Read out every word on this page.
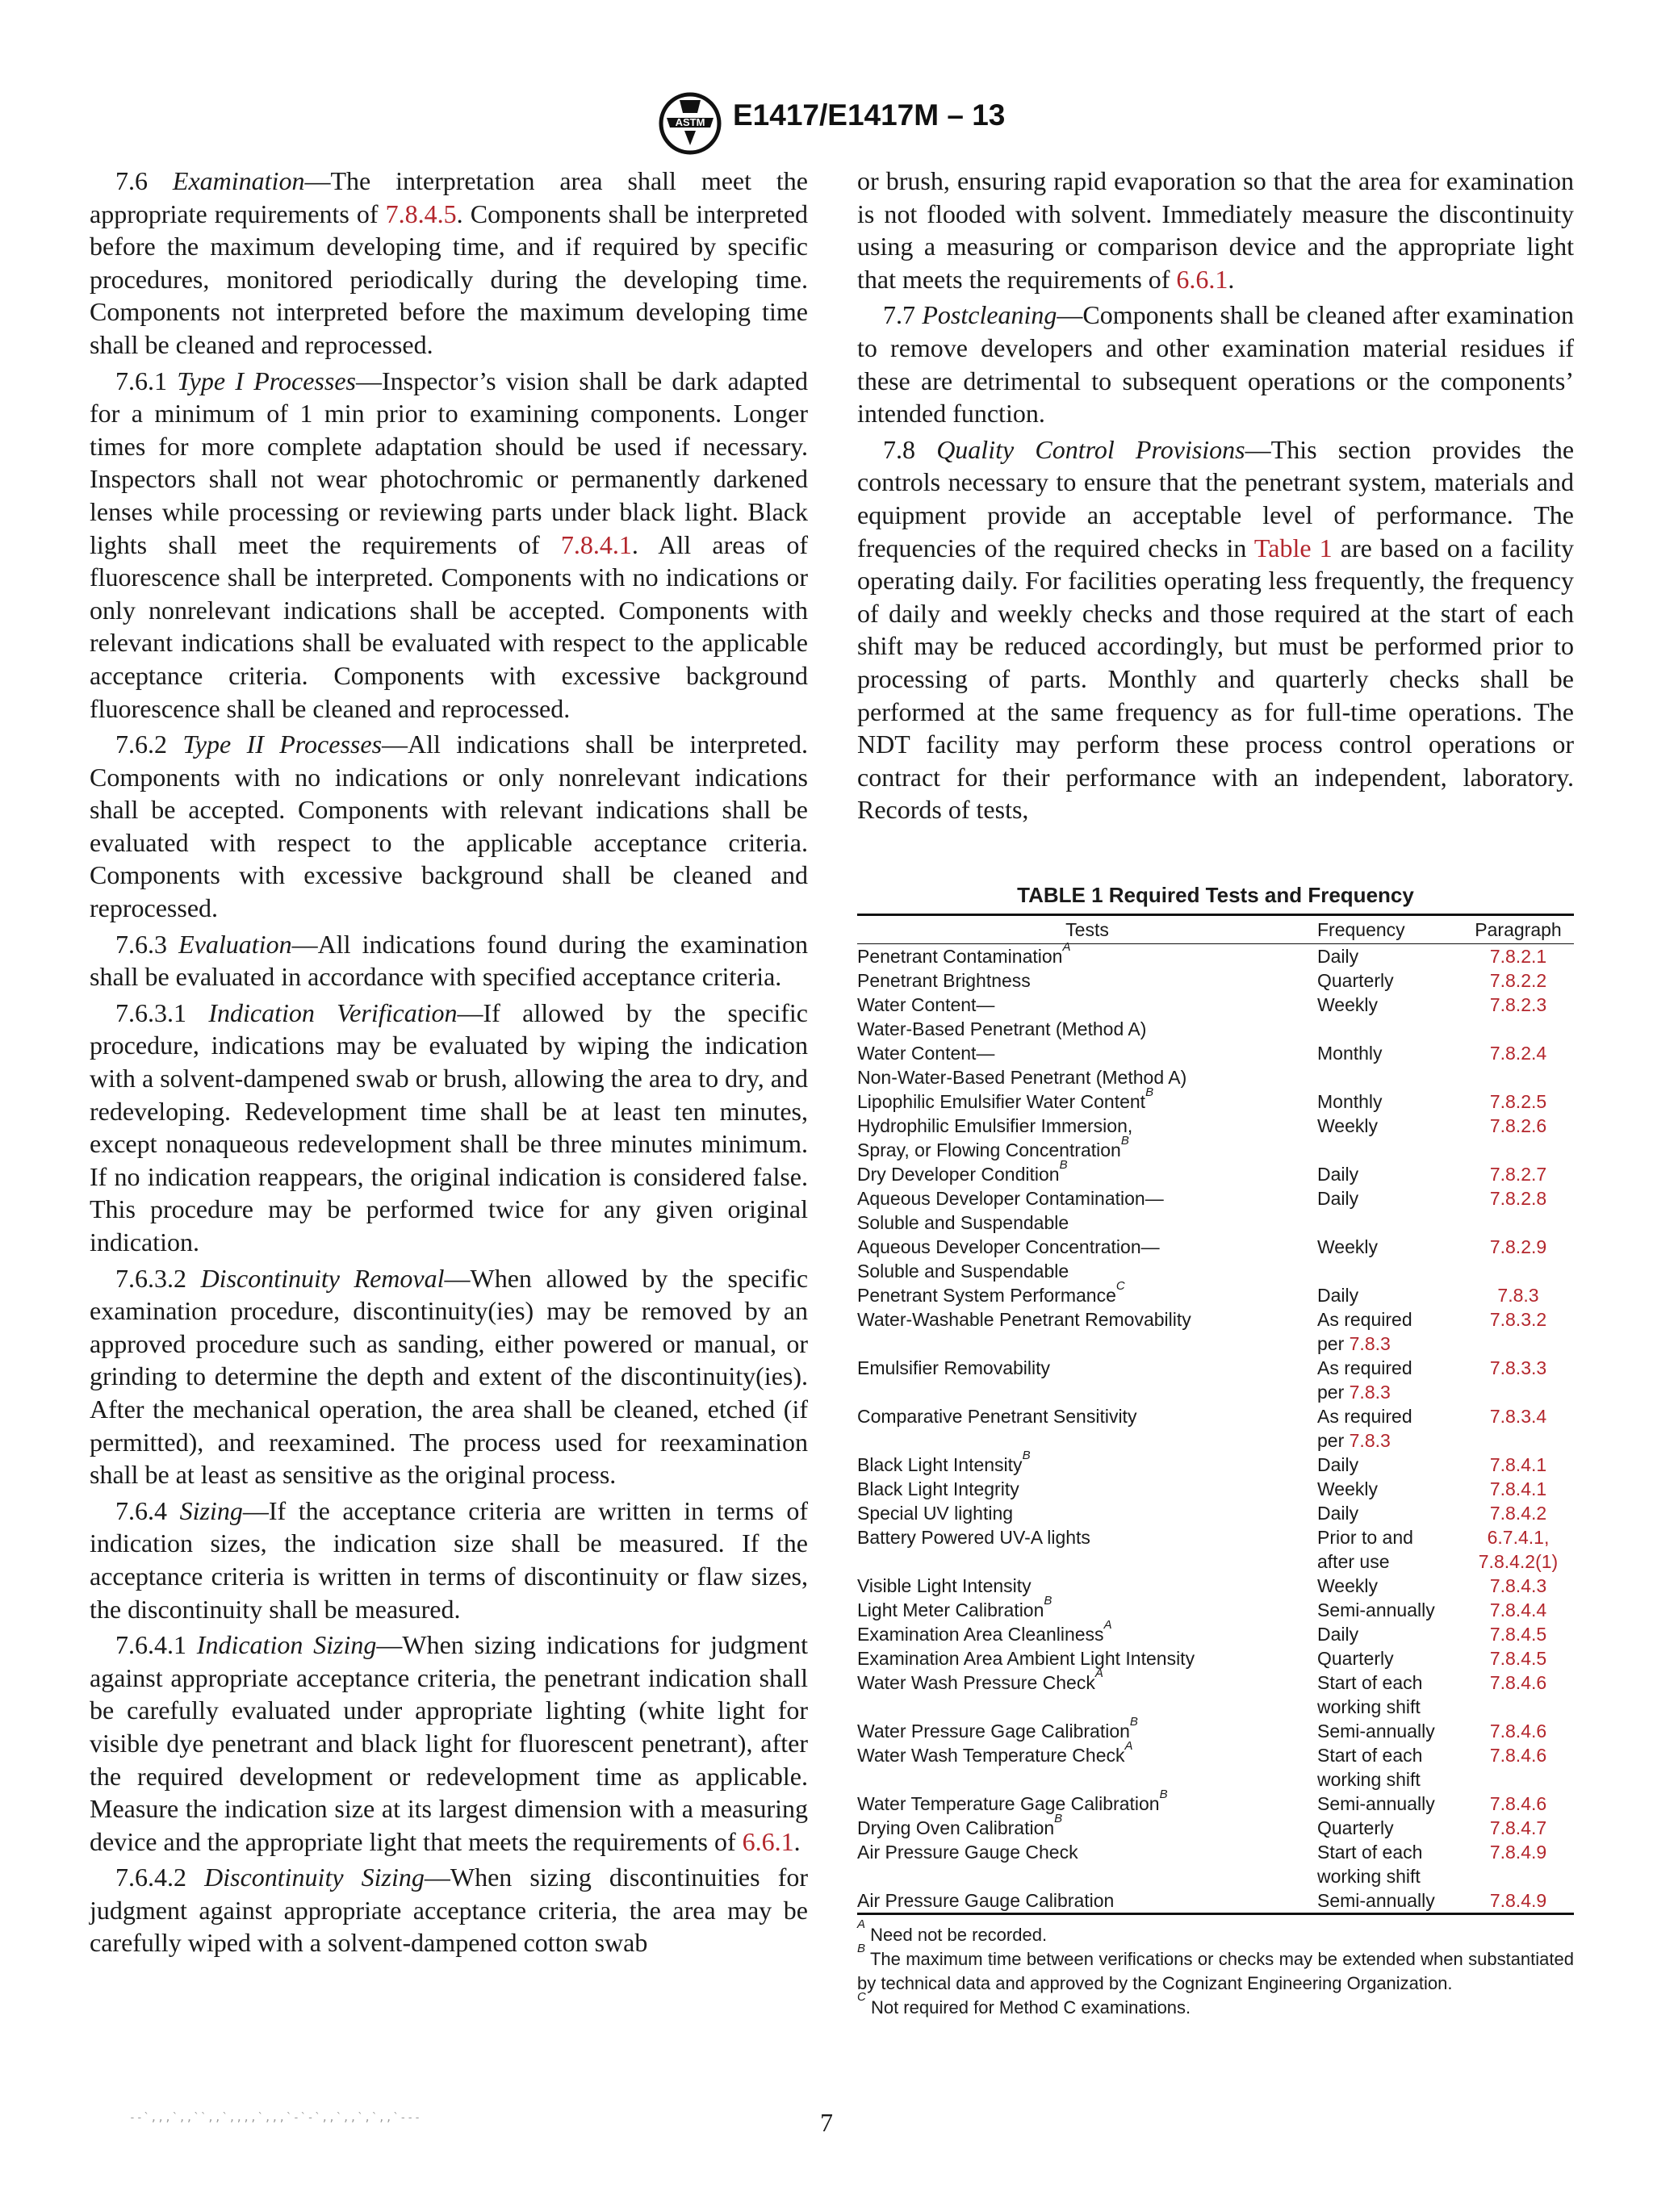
ASTM E1417/E1417M – 13

7.6 Examination—The interpretation area shall meet the appropriate requirements of 7.8.4.5. Components shall be interpreted before the maximum developing time, and if required by specific procedures, monitored periodically during the developing time. Components not interpreted before the maximum developing time shall be cleaned and reprocessed.

7.6.1 Type I Processes—Inspector’s vision shall be dark adapted for a minimum of 1 min prior to examining components. Longer times for more complete adaptation should be used if necessary. Inspectors shall not wear photochromic or permanently darkened lenses while processing or reviewing parts under black light. Black lights shall meet the requirements of 7.8.4.1. All areas of fluorescence shall be interpreted. Components with no indications or only nonrelevant indications shall be accepted. Components with relevant indications shall be evaluated with respect to the applicable acceptance criteria. Components with excessive background fluorescence shall be cleaned and reprocessed.

7.6.2 Type II Processes—All indications shall be interpreted. Components with no indications or only nonrelevant indications shall be accepted. Components with relevant indications shall be evaluated with respect to the applicable acceptance criteria. Components with excessive background shall be cleaned and reprocessed.

7.6.3 Evaluation—All indications found during the examination shall be evaluated in accordance with specified acceptance criteria.

7.6.3.1 Indication Verification—If allowed by the specific procedure, indications may be evaluated by wiping the indication with a solvent-dampened swab or brush, allowing the area to dry, and redeveloping. Redevelopment time shall be at least ten minutes, except nonaqueous redevelopment shall be three minutes minimum. If no indication reappears, the original indication is considered false. This procedure may be performed twice for any given original indication.

7.6.3.2 Discontinuity Removal—When allowed by the specific examination procedure, discontinuity(ies) may be removed by an approved procedure such as sanding, either powered or manual, or grinding to determine the depth and extent of the discontinuity(ies). After the mechanical operation, the area shall be cleaned, etched (if permitted), and reexamined. The process used for reexamination shall be at least as sensitive as the original process.

7.6.4 Sizing—If the acceptance criteria are written in terms of indication sizes, the indication size shall be measured. If the acceptance criteria is written in terms of discontinuity or flaw sizes, the discontinuity shall be measured.

7.6.4.1 Indication Sizing—When sizing indications for judgment against appropriate acceptance criteria, the penetrant indication shall be carefully evaluated under appropriate lighting (white light for visible dye penetrant and black light for fluorescent penetrant), after the required development or redevelopment time as applicable. Measure the indication size at its largest dimension with a measuring device and the appropriate light that meets the requirements of 6.6.1.

7.6.4.2 Discontinuity Sizing—When sizing discontinuities for judgment against appropriate acceptance criteria, the area may be carefully wiped with a solvent-dampened cotton swab

or brush, ensuring rapid evaporation so that the area for examination is not flooded with solvent. Immediately measure the discontinuity using a measuring or comparison device and the appropriate light that meets the requirements of 6.6.1.

7.7 Postcleaning—Components shall be cleaned after examination to remove developers and other examination material residues if these are detrimental to subsequent operations or the components’ intended function.

7.8 Quality Control Provisions—This section provides the controls necessary to ensure that the penetrant system, materials and equipment provide an acceptable level of performance. The frequencies of the required checks in Table 1 are based on a facility operating daily. For facilities operating less frequently, the frequency of daily and weekly checks and those required at the start of each shift may be reduced accordingly, but must be performed prior to processing of parts. Monthly and quarterly checks shall be performed at the same frequency as for full-time operations. The NDT facility may perform these process control operations or contract for their performance with an independent, laboratory. Records of tests,

TABLE 1 Required Tests and Frequency
Tests	Frequency	Paragraph
Penetrant Contamination$^A$	Daily	7.8.2.1
Penetrant Brightness	Quarterly	7.8.2.2
Water Content—
Water-Based Penetrant (Method A)	Weekly	7.8.2.3
Water Content—
Non-Water-Based Penetrant (Method A)	Monthly	7.8.2.4
Lipophilic Emulsifier Water Content$^B$	Monthly	7.8.2.5
Hydrophilic Emulsifier Immersion,
Spray, or Flowing Concentration$^B$	Weekly	7.8.2.6
Dry Developer Condition$^B$	Daily	7.8.2.7
Aqueous Developer Contamination—
Soluble and Suspendable	Daily	7.8.2.8
Aqueous Developer Concentration—
Soluble and Suspendable	Weekly	7.8.2.9
Penetrant System Performance$^C$	Daily	7.8.3
Water-Washable Penetrant Removability	As required
per 7.8.3	7.8.3.2
Emulsifier Removability	As required
per 7.8.3	7.8.3.3
Comparative Penetrant Sensitivity	As required
per 7.8.3	7.8.3.4
Black Light Intensity$^B$	Daily	7.8.4.1
Black Light Integrity	Weekly	7.8.4.1
Special UV lighting	Daily	7.8.4.2
Battery Powered UV-A lights	Prior to and
after use	6.7.4.1,
7.8.4.2(1)
Visible Light Intensity	Weekly	7.8.4.3
Light Meter Calibration$^B$	Semi-annually	7.8.4.4
Examination Area Cleanliness$^A$	Daily	7.8.4.5
Examination Area Ambient Light Intensity	Quarterly	7.8.4.5
Water Wash Pressure Check$^A$	Start of each
working shift	7.8.4.6
Water Pressure Gage Calibration$^B$	Semi-annually	7.8.4.6
Water Wash Temperature Check$^A$	Start of each
working shift	7.8.4.6
Water Temperature Gage Calibration$^B$	Semi-annually	7.8.4.6
Drying Oven Calibration$^B$	Quarterly	7.8.4.7
Air Pressure Gauge Check	Start of each
working shift	7.8.4.9
Air Pressure Gauge Calibration	Semi-annually	7.8.4.9

$^A$ Need not be recorded.

$^B$ The maximum time between verifications or checks may be extended when substantiated by technical data and approved by the Cognizant Engineering Organization.

$^C$ Not required for Method C examinations.

--`,,,`,,``,,`,,,,`,,,`-`-`,,`,,`,`,,`---	7
